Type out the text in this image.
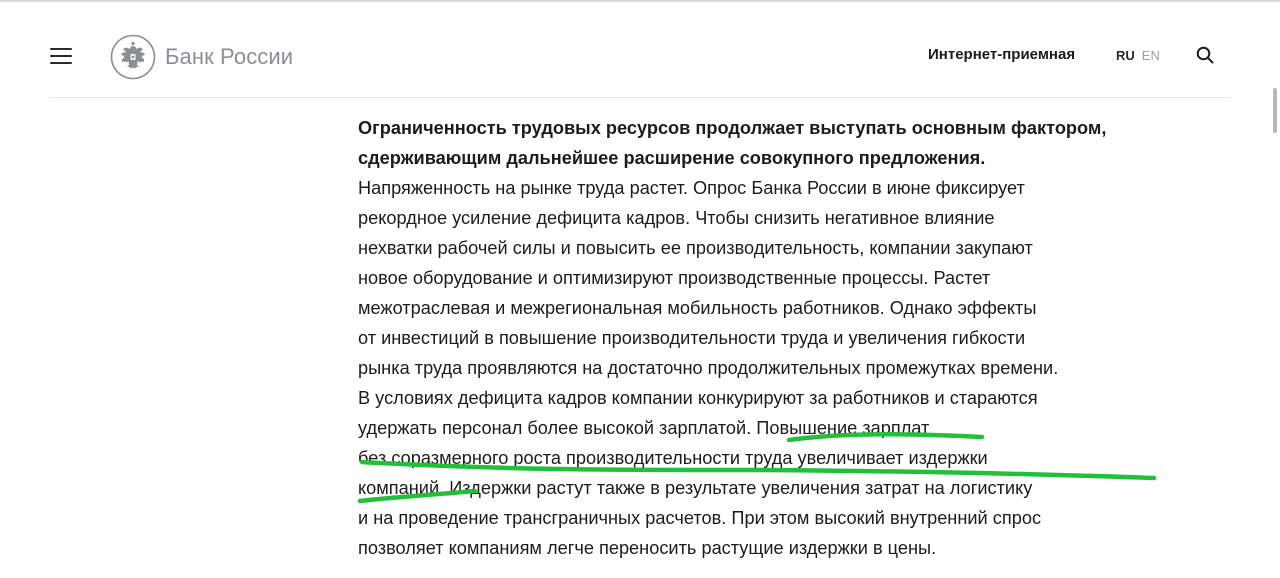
Банк России	Интернет-приемная	RU EN
Ограниченность трудовых ресурсов продолжает выступать основным фактором,
сдерживающим дальнейшее расширение совокупного предложения.
Напряженность на рынке труда растет. Опрос Банка России в июне фиксирует
рекордное усиление дефицита кадров. Чтобы снизить негативное влияние
нехватки рабочей силы и повысить ее производительность, компании закупают
новое оборудование и оптимизируют производственные процессы. Растет
межотраслевая и межрегиональная мобильность работников. Однако эффекты
от инвестиций в повышение производительности труда и увеличения гибкости
рынка труда проявляются на достаточно продолжительных промежутках времени.
В условиях дефицита кадров компании конкурируют за работников и стараются
удержать персонал более высокой зарплатой. Повышение зарплат
без соразмерного роста производительности труда увеличивает издержки
компаний. Издержки растут также в результате увеличения затрат на логистику
и на проведение трансграничных расчетов. При этом высокий внутренний спрос
позволяет компаниям легче переносить растущие издержки в цены.
